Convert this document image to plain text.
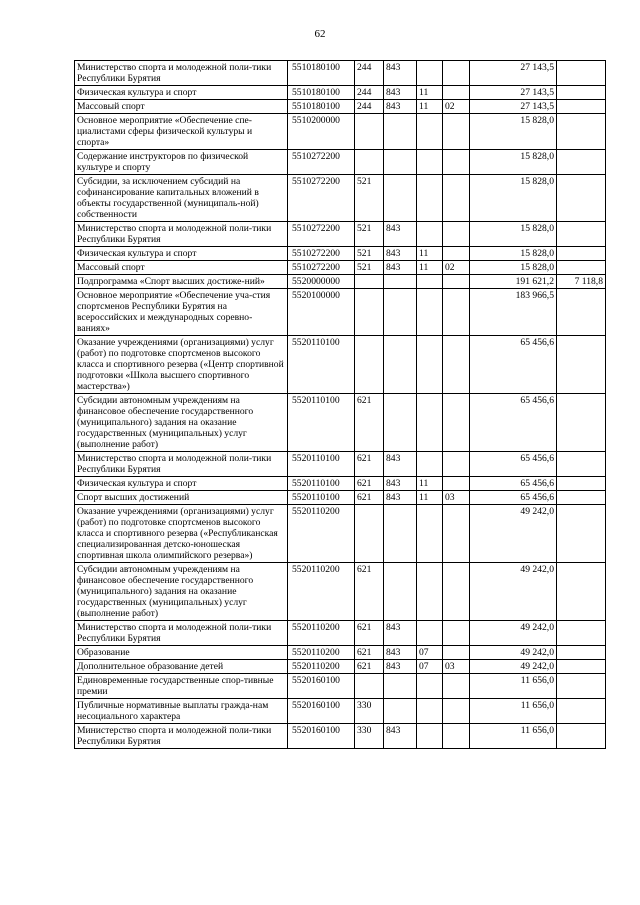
62
Министерство спорта и молодежной поли-тики Республики Бурятия	5510180100	244	843			27 143,5	
Физическая культура и спорт	5510180100	244	843	11		27 143,5	
Массовый спорт	5510180100	244	843	11	02	27 143,5	
Основное мероприятие «Обеспечение спе-циалистами сферы физической культуры и спорта»	5510200000					15 828,0	
Содержание инструкторов по физической культуре и спорту	5510272200					15 828,0	
Субсидии, за исключением субсидий на софинансирование капитальных вложений в объекты государственной (муниципаль-ной) собственности	5510272200	521				15 828,0	
Министерство спорта и молодежной поли-тики Республики Бурятия	5510272200	521	843			15 828,0	
Физическая культура и спорт	5510272200	521	843	11		15 828,0	
Массовый спорт	5510272200	521	843	11	02	15 828,0	
Подпрограмма «Спорт высших достиже-ний»	5520000000					191 621,2	7 118,8
Основное мероприятие «Обеспечение уча-стия спортсменов Республики Бурятия на всероссийских и международных соревно-ваниях»	5520100000					183 966,5	
Оказание учреждениями (организациями) услуг (работ) по подготовке спортсменов высокого класса и спортивного резерва («Центр спортивной подготовки «Школа высшего спортивного мастерства»)	5520110100					65 456,6	
Субсидии автономным учреждениям на финансовое обеспечение государственного (муниципального) задания на оказание государственных (муниципальных) услуг (выполнение работ)	5520110100	621				65 456,6	
Министерство спорта и молодежной поли-тики Республики Бурятия	5520110100	621	843			65 456,6	
Физическая культура и спорт	5520110100	621	843	11		65 456,6	
Спорт высших достижений	5520110100	621	843	11	03	65 456,6	
Оказание учреждениями (организациями) услуг (работ) по подготовке спортсменов высокого класса и спортивного резерва («Республиканская специализированная детско-юношеская спортивная школа олимпийского резерва»)	5520110200					49 242,0	
Субсидии автономным учреждениям на финансовое обеспечение государственного (муниципального) задания на оказание государственных (муниципальных) услуг (выполнение работ)	5520110200	621				49 242,0	
Министерство спорта и молодежной поли-тики Республики Бурятия	5520110200	621	843			49 242,0	
Образование	5520110200	621	843	07		49 242,0	
Дополнительное образование детей	5520110200	621	843	07	03	49 242,0	
Единовременные государственные спор-тивные премии	5520160100					11 656,0	
Публичные нормативные выплаты гражда-нам несоциального характера	5520160100	330				11 656,0	
Министерство спорта и молодежной поли-тики Республики Бурятия	5520160100	330	843			11 656,0	
